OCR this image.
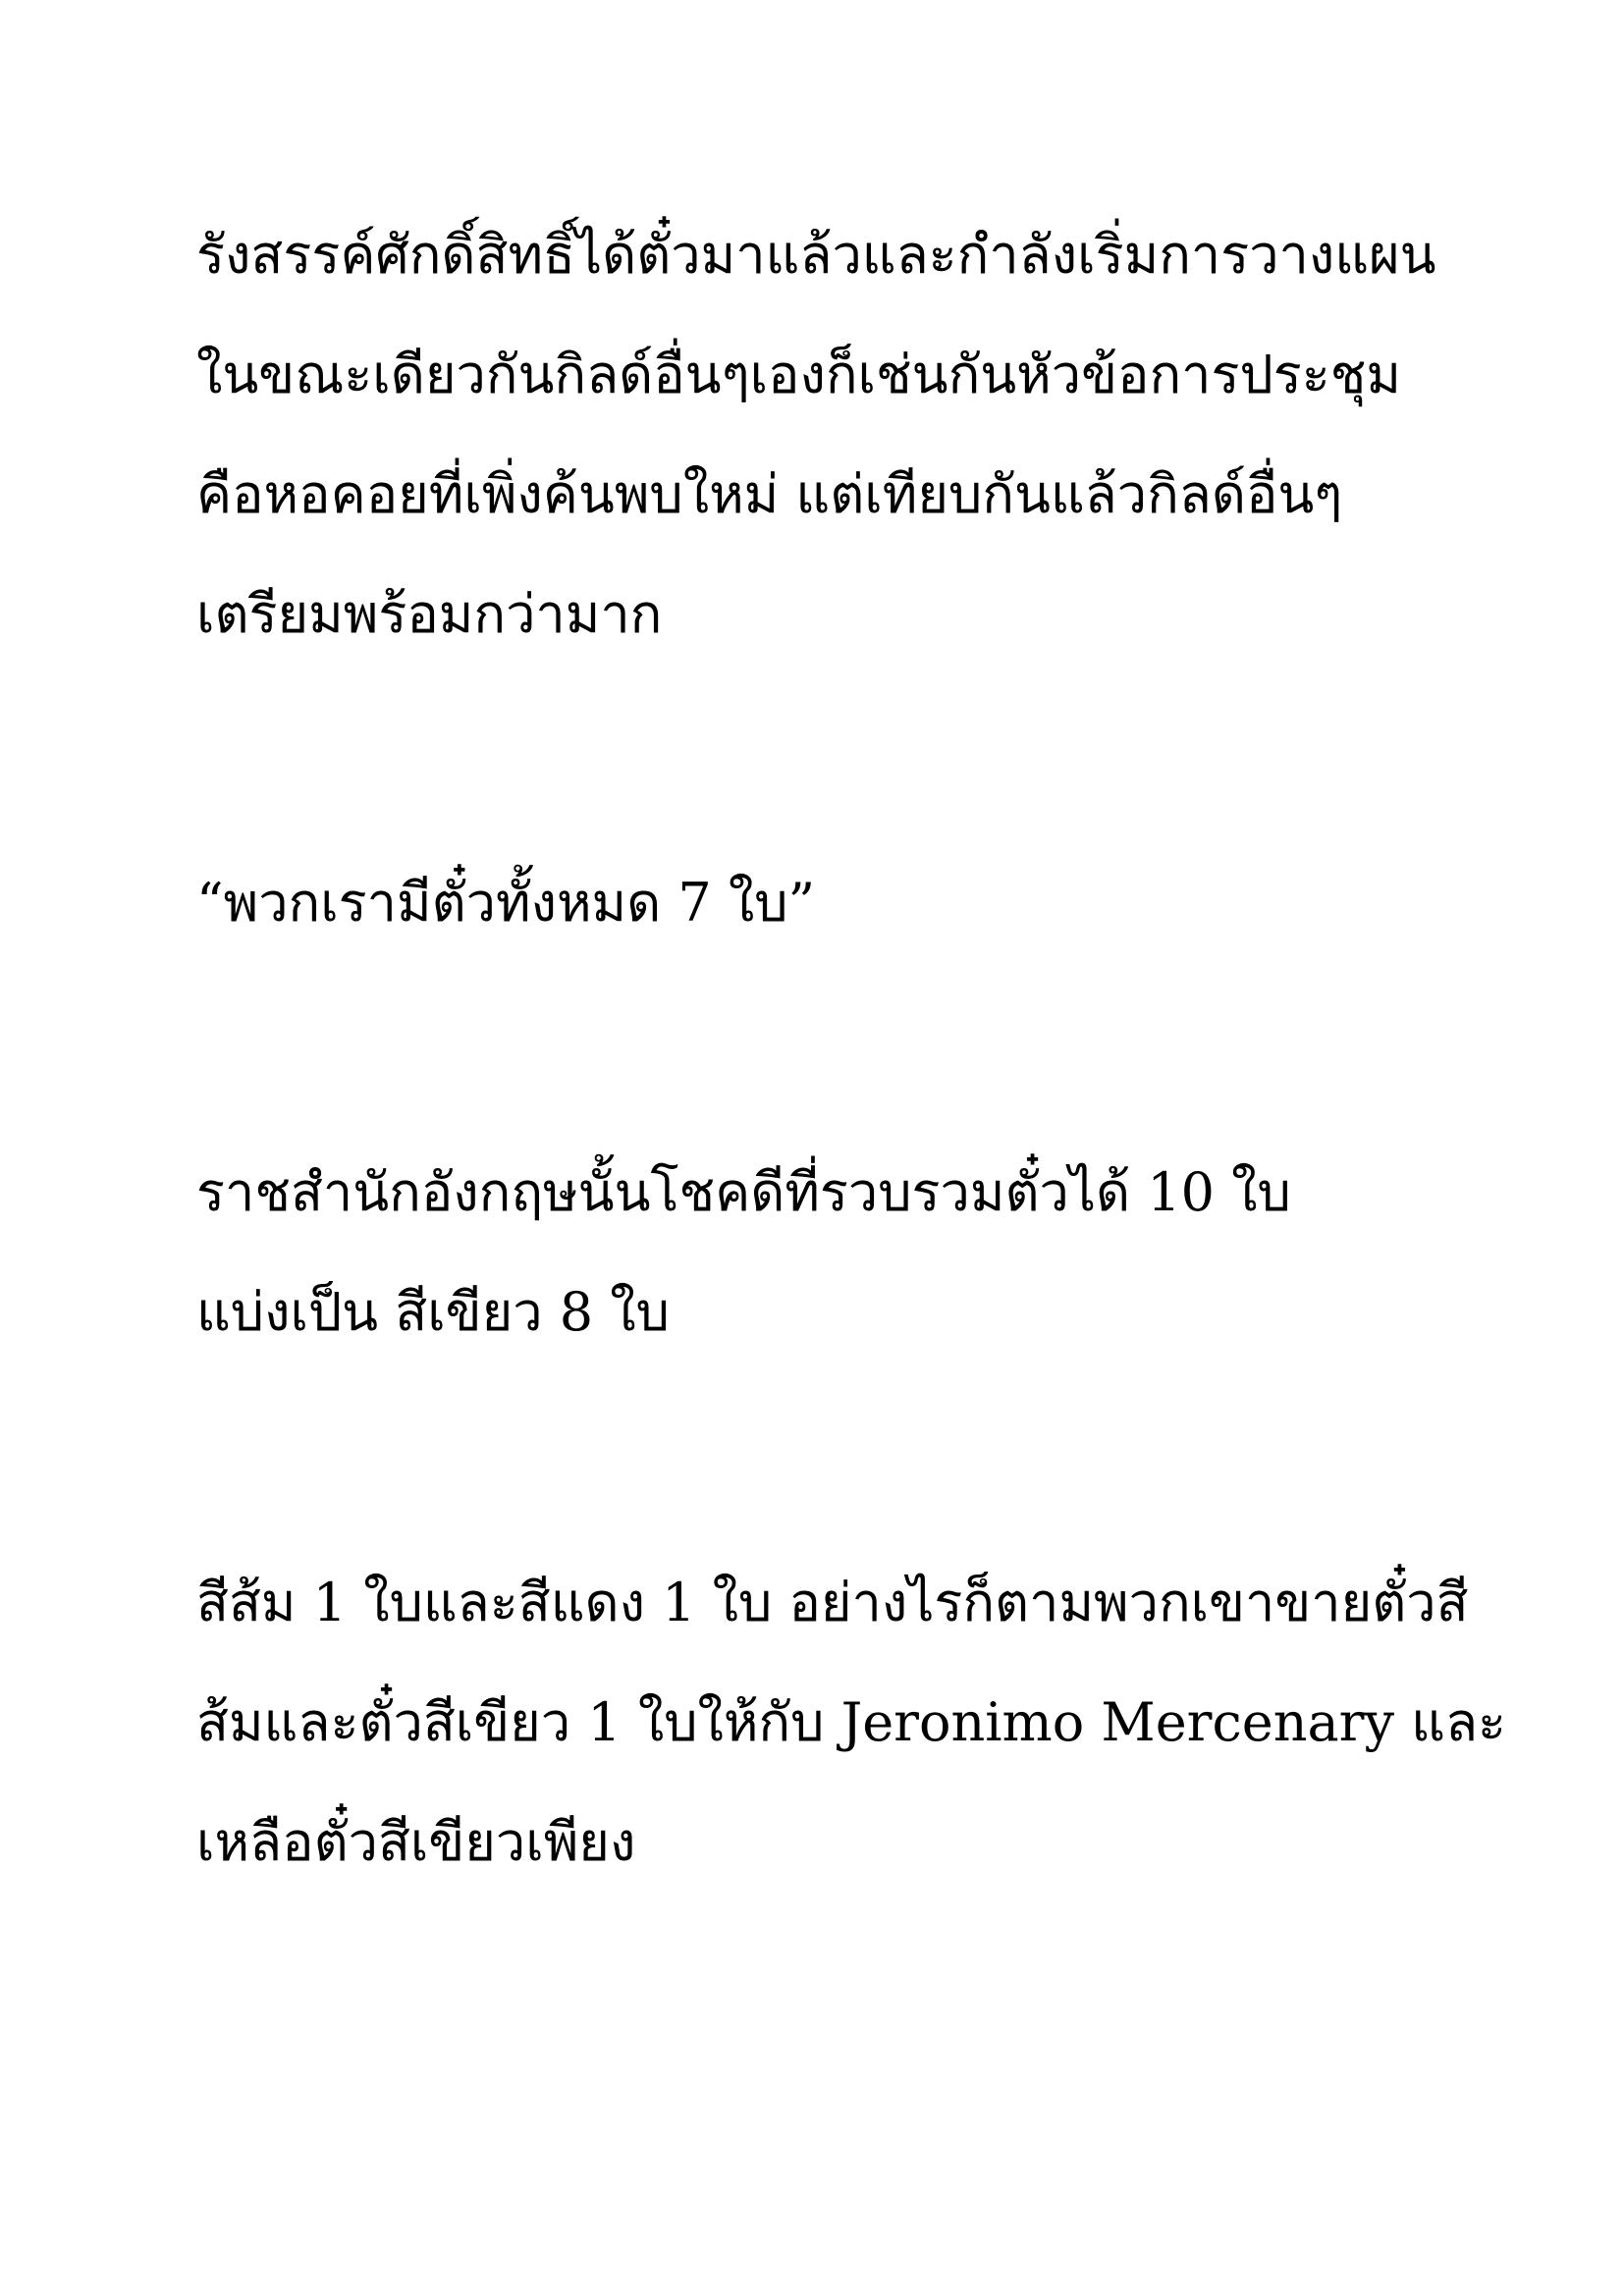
รังสรรค์ศักดิ์สิทธิ์ได้ตั๋วมาแล้วและกำลังเริ่มการวางแผน
ในขณะเดียวกันกิลด์อื่นๆเองก็เช่นกันหัวข้อการประชุม
คือหอคอยที่เพิ่งค้นพบใหม่ แต่เทียบกันแล้วกิลด์อื่นๆ
เตรียมพร้อมกว่ามาก
“พวกเรามีตั๋วทั้งหมด 7 ใบ”
ราชสำนักอังกฤษนั้นโชคดีที่รวบรวมตั๋วได้ 10 ใบ
แบ่งเป็น สีเขียว 8 ใบ
สีส้ม 1 ใบและสีแดง 1 ใบ อย่างไรก็ตามพวกเขาขายตั๋วสี
ส้มและตั๋วสีเขียว 1 ใบให้กับ Jeronimo Mercenary และ
เหลือตั๋วสีเขียวเพียง
